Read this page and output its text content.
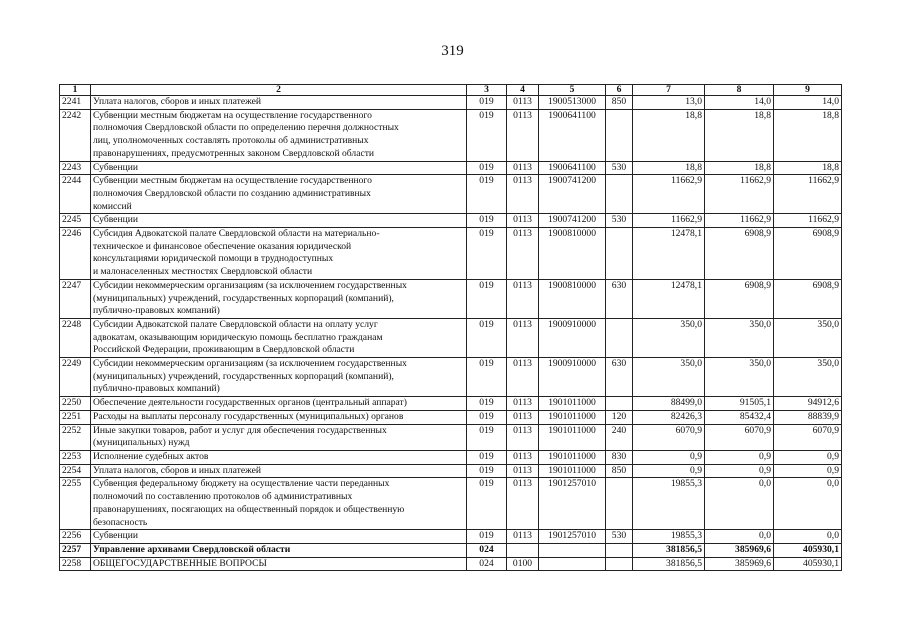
319
1	2	3	4	5	6	7	8	9
2241	Уплата налогов, сборов и иных платежей	019	0113	1900513000	850	13,0	14,0	14,0
2242	Субвенции местным бюджетам на осуществление государственного
полномочия Свердловской области по определению перечня должностных
лиц, уполномоченных составлять протоколы об административных
правонарушениях, предусмотренных законом Свердловской области	019	0113	1900641100		18,8	18,8	18,8
2243	Субвенции	019	0113	1900641100	530	18,8	18,8	18,8
2244	Субвенции местным бюджетам на осуществление государственного
полномочия Свердловской области по созданию административных
комиссий	019	0113	1900741200		11662,9	11662,9	11662,9
2245	Субвенции	019	0113	1900741200	530	11662,9	11662,9	11662,9
2246	Субсидия Адвокатской палате Свердловской области на материально-
техническое и финансовое обеспечение оказания юридической
консультациями юридической помощи в труднодоступных
и малонаселенных местностях Свердловской области	019	0113	1900810000		12478,1	6908,9	6908,9
2247	Субсидии некоммерческим организациям (за исключением государственных
(муниципальных) учреждений, государственных корпораций (компаний),
публично-правовых компаний)	019	0113	1900810000	630	12478,1	6908,9	6908,9
2248	Субсидии Адвокатской палате Свердловской области на оплату услуг
адвокатам, оказывающим юридическую помощь бесплатно гражданам
Российской Федерации, проживающим в Свердловской области	019	0113	1900910000		350,0	350,0	350,0
2249	Субсидии некоммерческим организациям (за исключением государственных
(муниципальных) учреждений, государственных корпораций (компаний),
публично-правовых компаний)	019	0113	1900910000	630	350,0	350,0	350,0
2250	Обеспечение деятельности государственных органов (центральный аппарат)	019	0113	1901011000		88499,0	91505,1	94912,6
2251	Расходы на выплаты персоналу государственных (муниципальных) органов	019	0113	1901011000	120	82426,3	85432,4	88839,9
2252	Иные закупки товаров, работ и услуг для обеспечения государственных
(муниципальных) нужд	019	0113	1901011000	240	6070,9	6070,9	6070,9
2253	Исполнение судебных актов	019	0113	1901011000	830	0,9	0,9	0,9
2254	Уплата налогов, сборов и иных платежей	019	0113	1901011000	850	0,9	0,9	0,9
2255	Субвенция федеральному бюджету на осуществление части переданных
полномочий по составлению протоколов об административных
правонарушениях, посягающих на общественный порядок и общественную
безопасность	019	0113	1901257010		19855,3	0,0	0,0
2256	Субвенции	019	0113	1901257010	530	19855,3	0,0	0,0
2257	Управление архивами Свердловской области	024				381856,5	385969,6	405930,1
2258	ОБЩЕГОСУДАРСТВЕННЫЕ ВОПРОСЫ	024	0100			381856,5	385969,6	405930,1
